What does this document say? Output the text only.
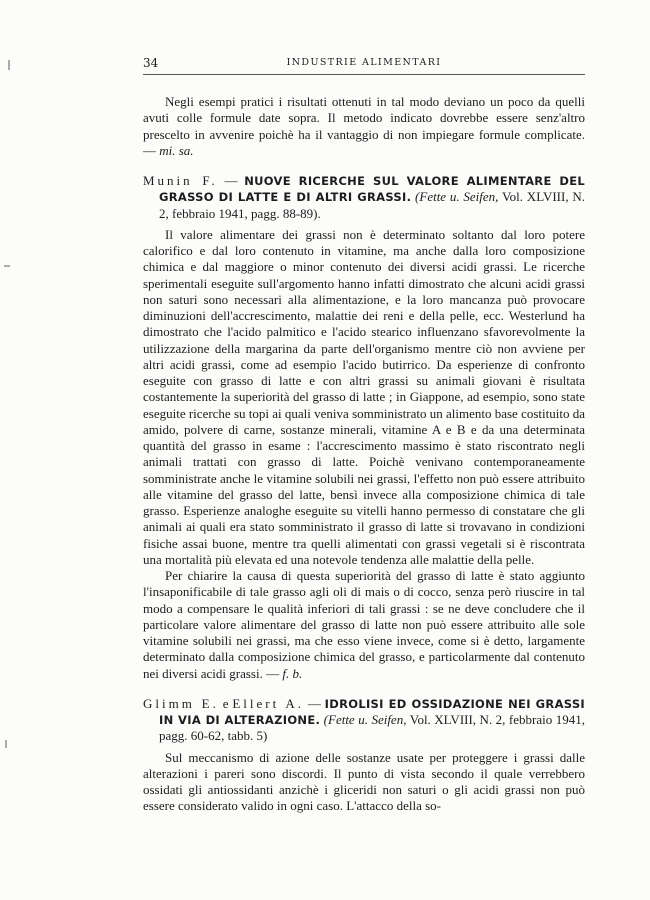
34	INDUSTRIE ALIMENTARI

Negli esempi pratici i risultati ottenuti in tal modo deviano un poco da quelli avuti colle formule date sopra. Il metodo indicato dovrebbe essere senz'altro prescelto in avvenire poichè ha il vantaggio di non impiegare formule complicate. — mi. sa.

Munin F. — NUOVE RICERCHE SUL VALORE ALIMENTARE DEL GRASSO DI LATTE E DI ALTRI GRASSI. (Fette u. Seifen, Vol. XLVIII, N. 2, febbraio 1941, pagg. 88-89).

Il valore alimentare dei grassi non è determinato soltanto dal loro potere calorifico e dal loro contenuto in vitamine, ma anche dalla loro composizione chimica e dal maggiore o minor contenuto dei diversi acidi grassi. Le ricerche sperimentali eseguite sull'argomento hanno infatti dimostrato che alcuni acidi grassi non saturi sono necessari alla alimentazione, e la loro mancanza può provocare diminuzioni dell'accrescimento, malattie dei reni e della pelle, ecc. Westerlund ha dimostrato che l'acido palmitico e l'acido stearico influenzano sfavorevolmente la utilizzazione della margarina da parte dell'organismo mentre ciò non avviene per altri acidi grassi, come ad esempio l'acido butirrico. Da esperienze di confronto eseguite con grasso di latte e con altri grassi su animali giovani è risultata costantemente la superiorità del grasso di latte ; in Giappone, ad esempio, sono state eseguite ricerche su topi ai quali veniva somministrato un alimento base costituito da amido, polvere di carne, sostanze minerali, vitamine A e B e da una determinata quantità del grasso in esame : l'accrescimento massimo è stato riscontrato negli animali trattati con grasso di latte. Poichè venivano contemporaneamente somministrate anche le vitamine solubili nei grassi, l'effetto non può essere attribuito alle vitamine del grasso del latte, bensì invece alla composizione chimica di tale grasso. Esperienze analoghe eseguite su vitelli hanno permesso di constatare che gli animali ai quali era stato somministrato il grasso di latte si trovavano in condizioni fisiche assai buone, mentre tra quelli alimentati con grassi vegetali si è riscontrata una mortalità più elevata ed una notevole tendenza alle malattie della pelle.

Per chiarire la causa di questa superiorità del grasso di latte è stato aggiunto l'insaponificabile di tale grasso agli oli di mais o di cocco, senza però riuscire in tal modo a compensare le qualità inferiori di tali grassi : se ne deve concludere che il particolare valore alimentare del grasso di latte non può essere attribuito alle sole vitamine solubili nei grassi, ma che esso viene invece, come si è detto, largamente determinato dalla composizione chimica del grasso, e particolarmente dal contenuto nei diversi acidi grassi. — f. b.

Glimm E. e Ellert A. — IDROLISI ED OSSIDAZIONE NEI GRASSI IN VIA DI ALTERAZIONE. (Fette u. Seifen, Vol. XLVIII, N. 2, febbraio 1941, pagg. 60-62, tabb. 5)

Sul meccanismo di azione delle sostanze usate per proteggere i grassi dalle alterazioni i pareri sono discordi. Il punto di vista secondo il quale verrebbero ossidati gli antiossidanti anzichè i gliceridi non saturi o gli acidi grassi non può essere considerato valido in ogni caso. L'attacco della so-
